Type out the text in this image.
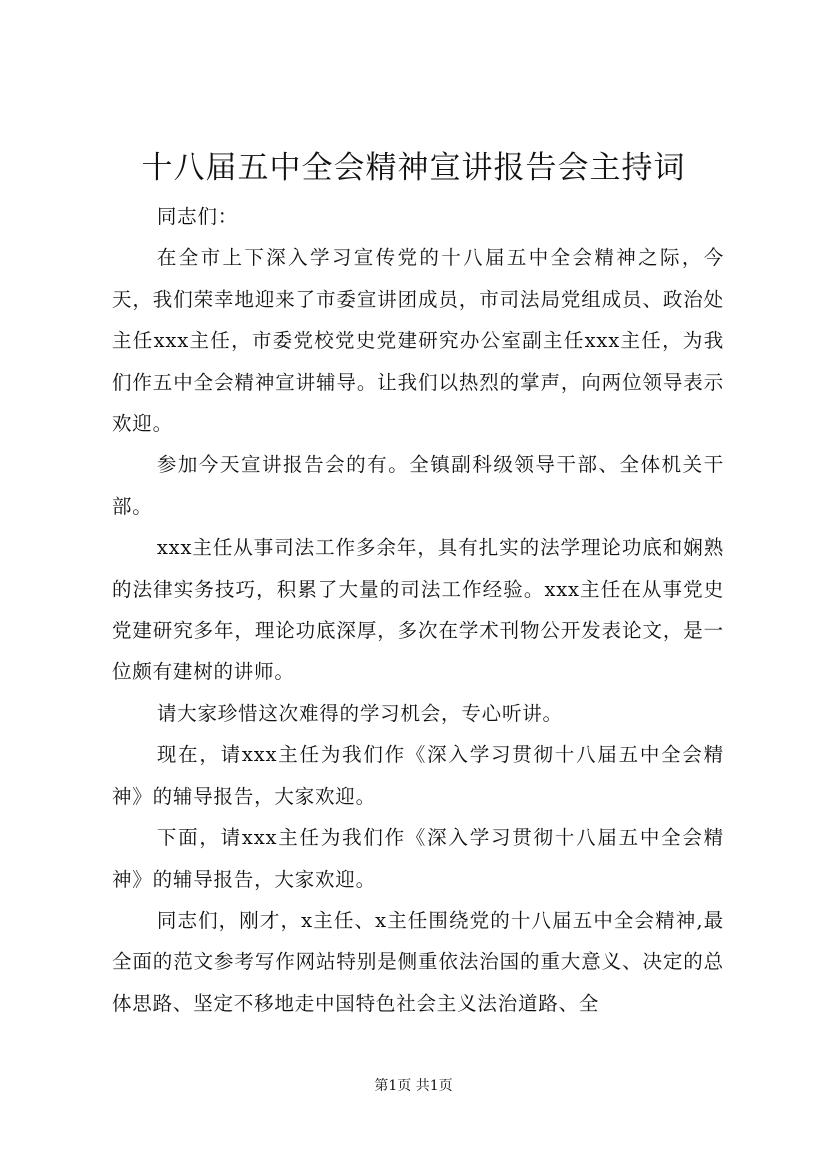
十八届五中全会精神宣讲报告会主持词

同志们：

在全市上下深入学习宣传党的十八届五中全会精神之际，今天，我们荣幸地迎来了市委宣讲团成员，市司法局党组成员、政治处主任xxx主任，市委党校党史党建研究办公室副主任xxx主任，为我们作五中全会精神宣讲辅导。让我们以热烈的掌声，向两位领导表示欢迎。

参加今天宣讲报告会的有。全镇副科级领导干部、全体机关干部。

xxx主任从事司法工作多余年，具有扎实的法学理论功底和娴熟的法律实务技巧，积累了大量的司法工作经验。xxx主任在从事党史党建研究多年，理论功底深厚，多次在学术刊物公开发表论文，是一位颇有建树的讲师。

请大家珍惜这次难得的学习机会，专心听讲。

现在，请xxx主任为我们作《深入学习贯彻十八届五中全会精神》的辅导报告，大家欢迎。

下面，请xxx主任为我们作《深入学习贯彻十八届五中全会精神》的辅导报告，大家欢迎。

同志们，刚才，x主任、x主任围绕党的十八届五中全会精神,最全面的范文参考写作网站特别是侧重依法治国的重大意义、决定的总体思路、坚定不移地走中国特色社会主义法治道路、全

第1页 共1页
